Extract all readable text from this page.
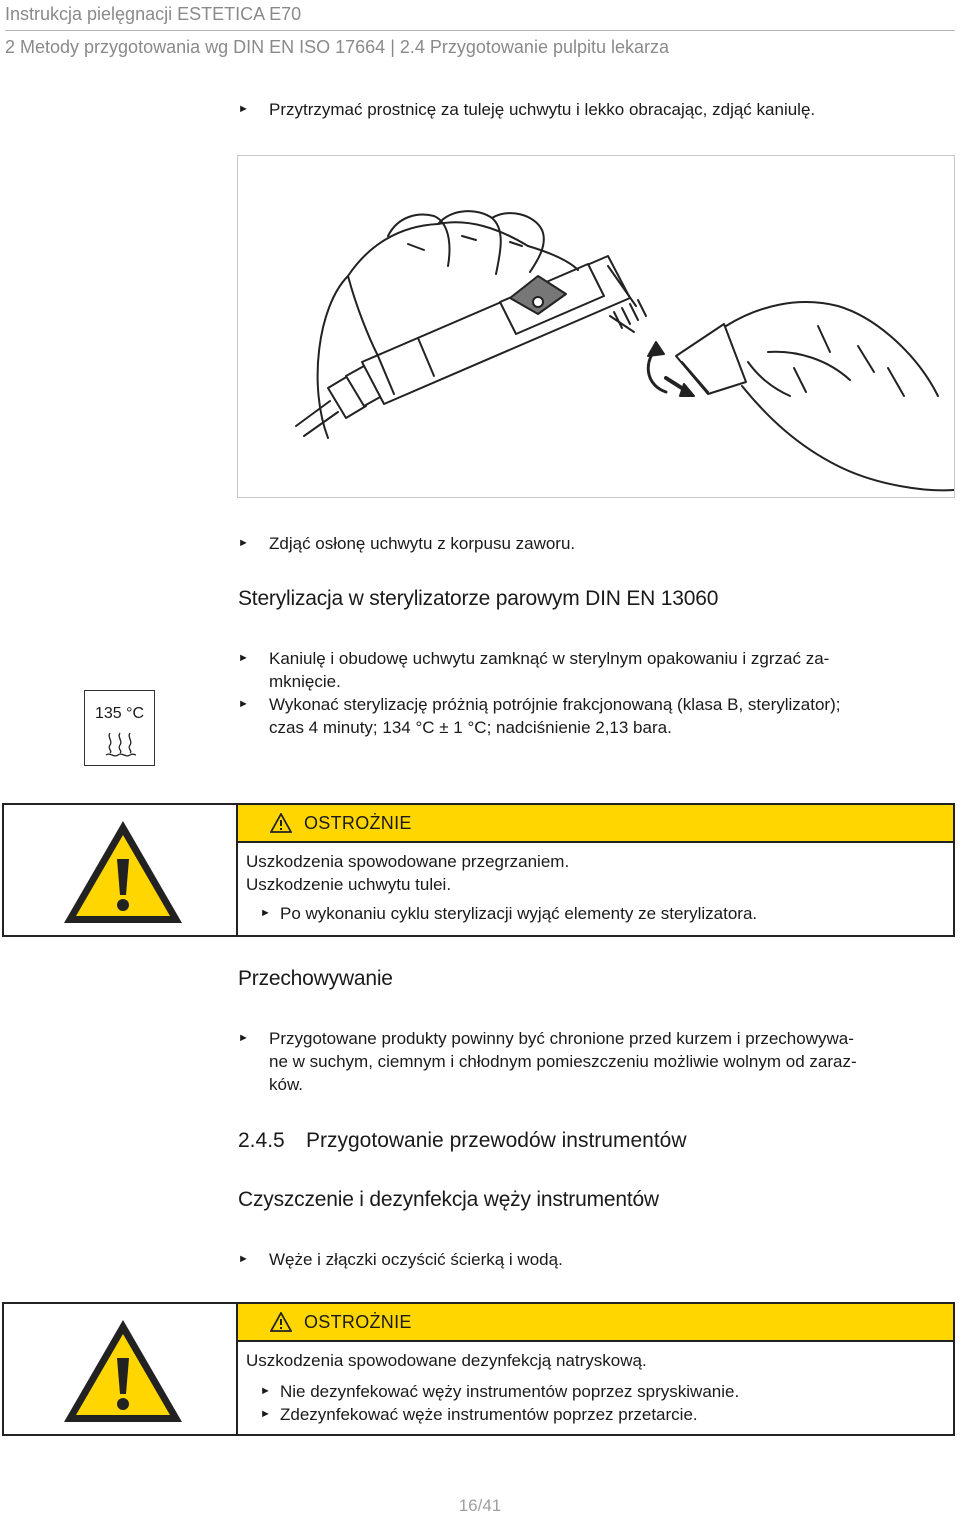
Instrukcja pielęgnacji ESTETICA E70
2 Metody przygotowania wg DIN EN ISO 17664 | 2.4 Przygotowanie pulpitu lekarza
►	Przytrzymać prostnicę za tuleję uchwytu i lekko obracając, zdjąć kaniulę.
►	Zdjąć osłonę uchwytu z korpusu zaworu.
Sterylizacja w sterylizatorze parowym DIN EN 13060
►	Kaniulę i obudowę uchwytu zamknąć w sterylnym opakowaniu i zgrzać za-
mknięcie.
►	Wykonać sterylizację próżnią potrójnie frakcjonowaną (klasa B, sterylizator);
czas 4 minuty; 134 °C ± 1 °C; nadciśnienie 2,13 bara.
135 °C
OSTROŻNIE
Uszkodzenia spowodowane przegrzaniem.
Uszkodzenie uchwytu tulei.
► Po wykonaniu cyklu sterylizacji wyjąć elementy ze sterylizatora.
Przechowywanie
►	Przygotowane produkty powinny być chronione przed kurzem i przechowywa-
ne w suchym, ciemnym i chłodnym pomieszczeniu możliwie wolnym od zaraz-
ków.
2.4.5 Przygotowanie przewodów instrumentów
Czyszczenie i dezynfekcja węży instrumentów
►	Węże i złączki oczyścić ścierką i wodą.
OSTROŻNIE
Uszkodzenia spowodowane dezynfekcją natryskową.
► Nie dezynfekować węży instrumentów poprzez spryskiwanie.
► Zdezynfekować węże instrumentów poprzez przetarcie.
16/41
